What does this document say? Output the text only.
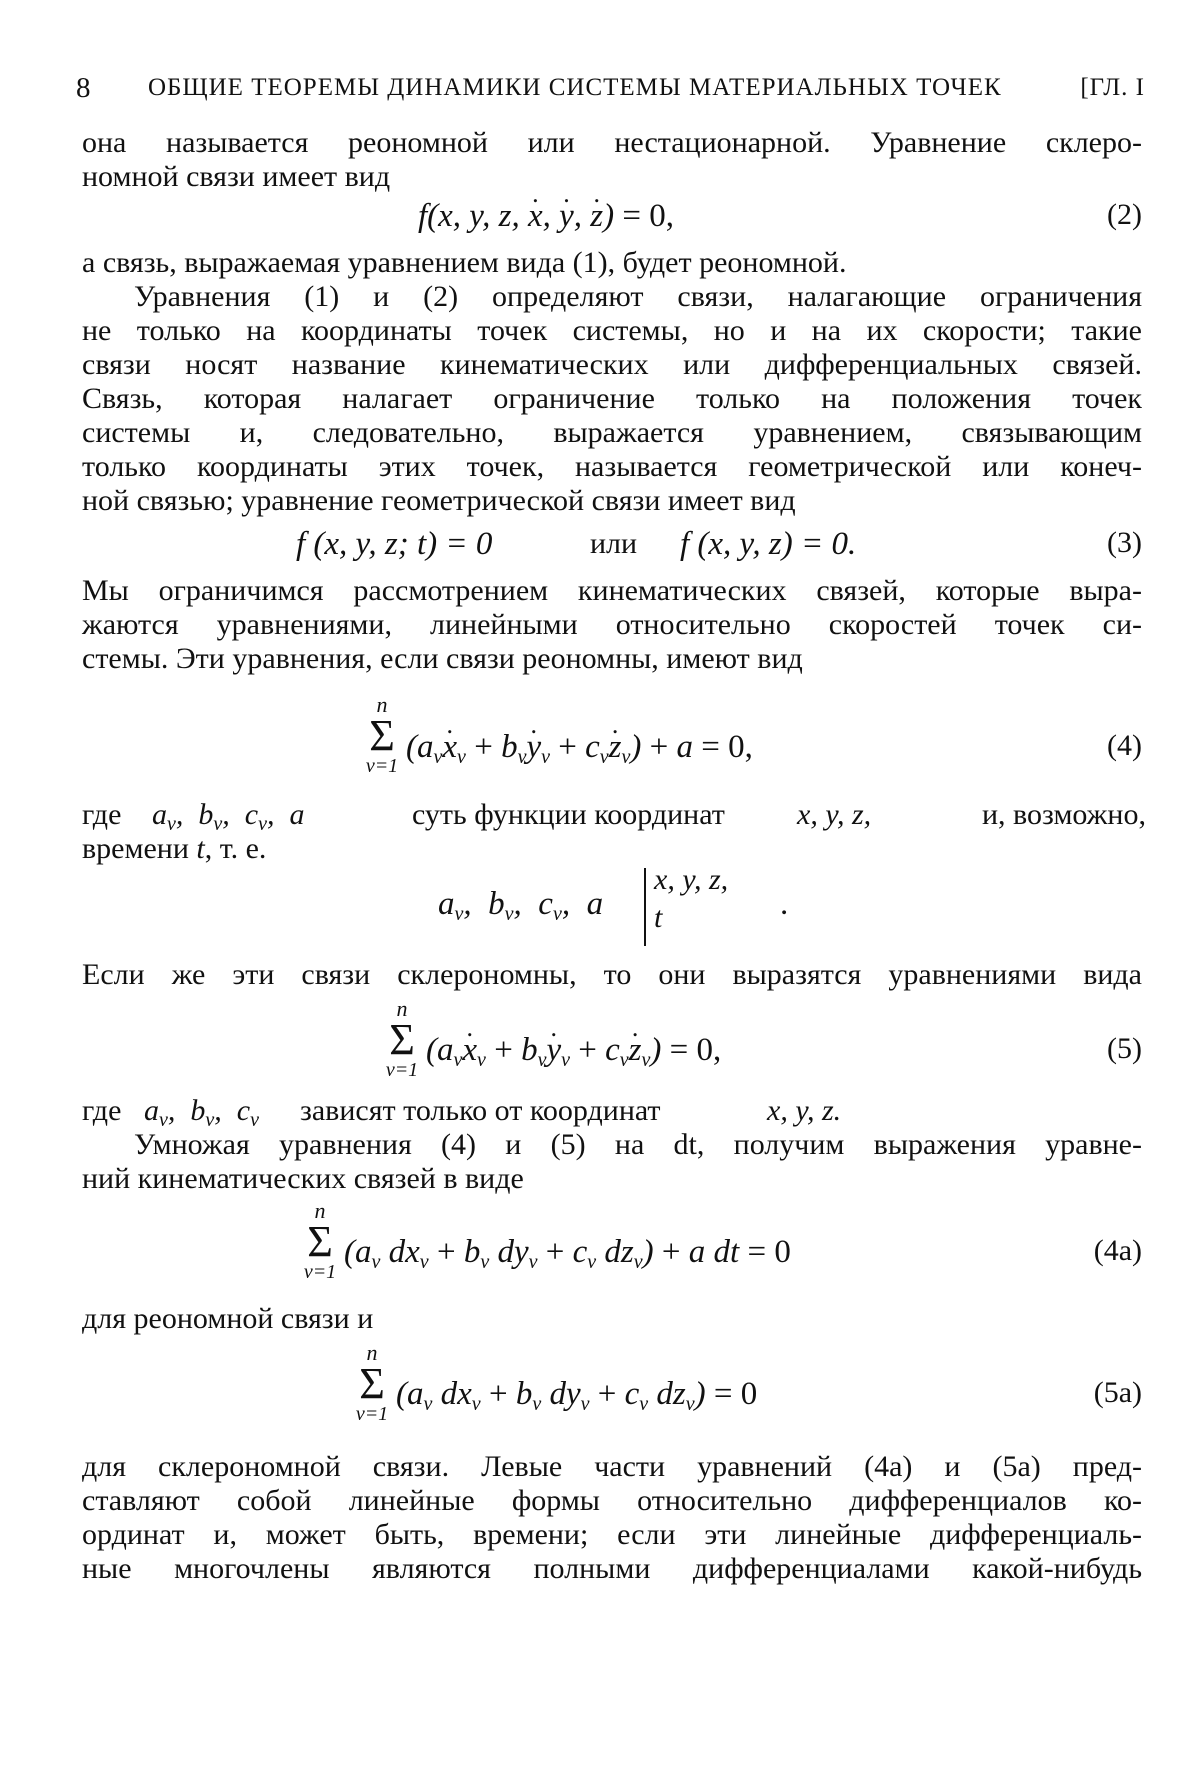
8 ОБЩИЕ ТЕОРЕМЫ ДИНАМИКИ СИСТЕМЫ МАТЕРИАЛЬНЫХ ТОЧЕК	[ГЛ. I
она называется реономной или нестационарной. Уравнение склеро-
номной связи имеет вид
f(x, y, z, . x, . y, . z) = 0,	(2)
а связь, выражаемая уравнением вида (1), будет реономной.
Уравнения (1) и (2) определяют связи, налагающие ограничения
не только на координаты точек системы, но и на их скорости; такие
связи носят название кинематических или дифференциальных связей.
Связь, которая налагает ограничение только на положения точек
системы и, следовательно, выражается уравнением, связывающим
только координаты этих точек, называется геометрической или конеч-
ной связью; уравнение геометрической связи имеет вид
f (x, y, z; t) = 0	или f (x, y, z) = 0.	(3)
Мы ограничимся рассмотрением кинематических связей, которые выра-
жаются уравнениями, линейными относительно скоростей точек си-
стемы. Эти уравнения, если связи реономны, имеют вид
n
Σ
ν=1
($a_\nu$. $x_\nu + b_\nu$. $y_\nu + c_\nu$. $z_\nu) + a = 0$,	(4)
где $a_\nu$,  $b_\nu$,  $c_\nu$,  a	суть функции координат x, y, z,	и, возможно,
времени t, т. е.
$a_\nu$,  $b_\nu$,  $c_\nu$,  a
x, y, z,
t	.
Если же эти связи склерономны, то они выразятся уравнениями вида
n
Σ
ν=1
($a_\nu$. $x_\nu + b_\nu$. $y_\nu + c_\nu$. $z_\nu) = 0$,	(5)
где $a_\nu$,  $b_\nu$,  $c_\nu$ зависят только от координат	x, y, z.
Умножая уравнения (4) и (5) на dt, получим выражения уравне-
ний кинематических связей в виде
n
Σ
ν=1
($a_\nu$ $dx_\nu + b_\nu$ $dy_\nu + c_\nu$ $dz_\nu) + a$ dt = 0	(4а)
для реономной связи и
n
Σ
ν=1
($a_\nu$ $dx_\nu + b_\nu$ $dy_\nu + c_\nu$ $dz_\nu) = 0$	(5а)
для склерономной связи. Левые части уравнений (4а) и (5а) пред-
ставляют собой линейные формы относительно дифференциалов ко-
ординат и, может быть, времени; если эти линейные дифференциаль-
ные многочлены являются полными дифференциалами какой-нибудь
